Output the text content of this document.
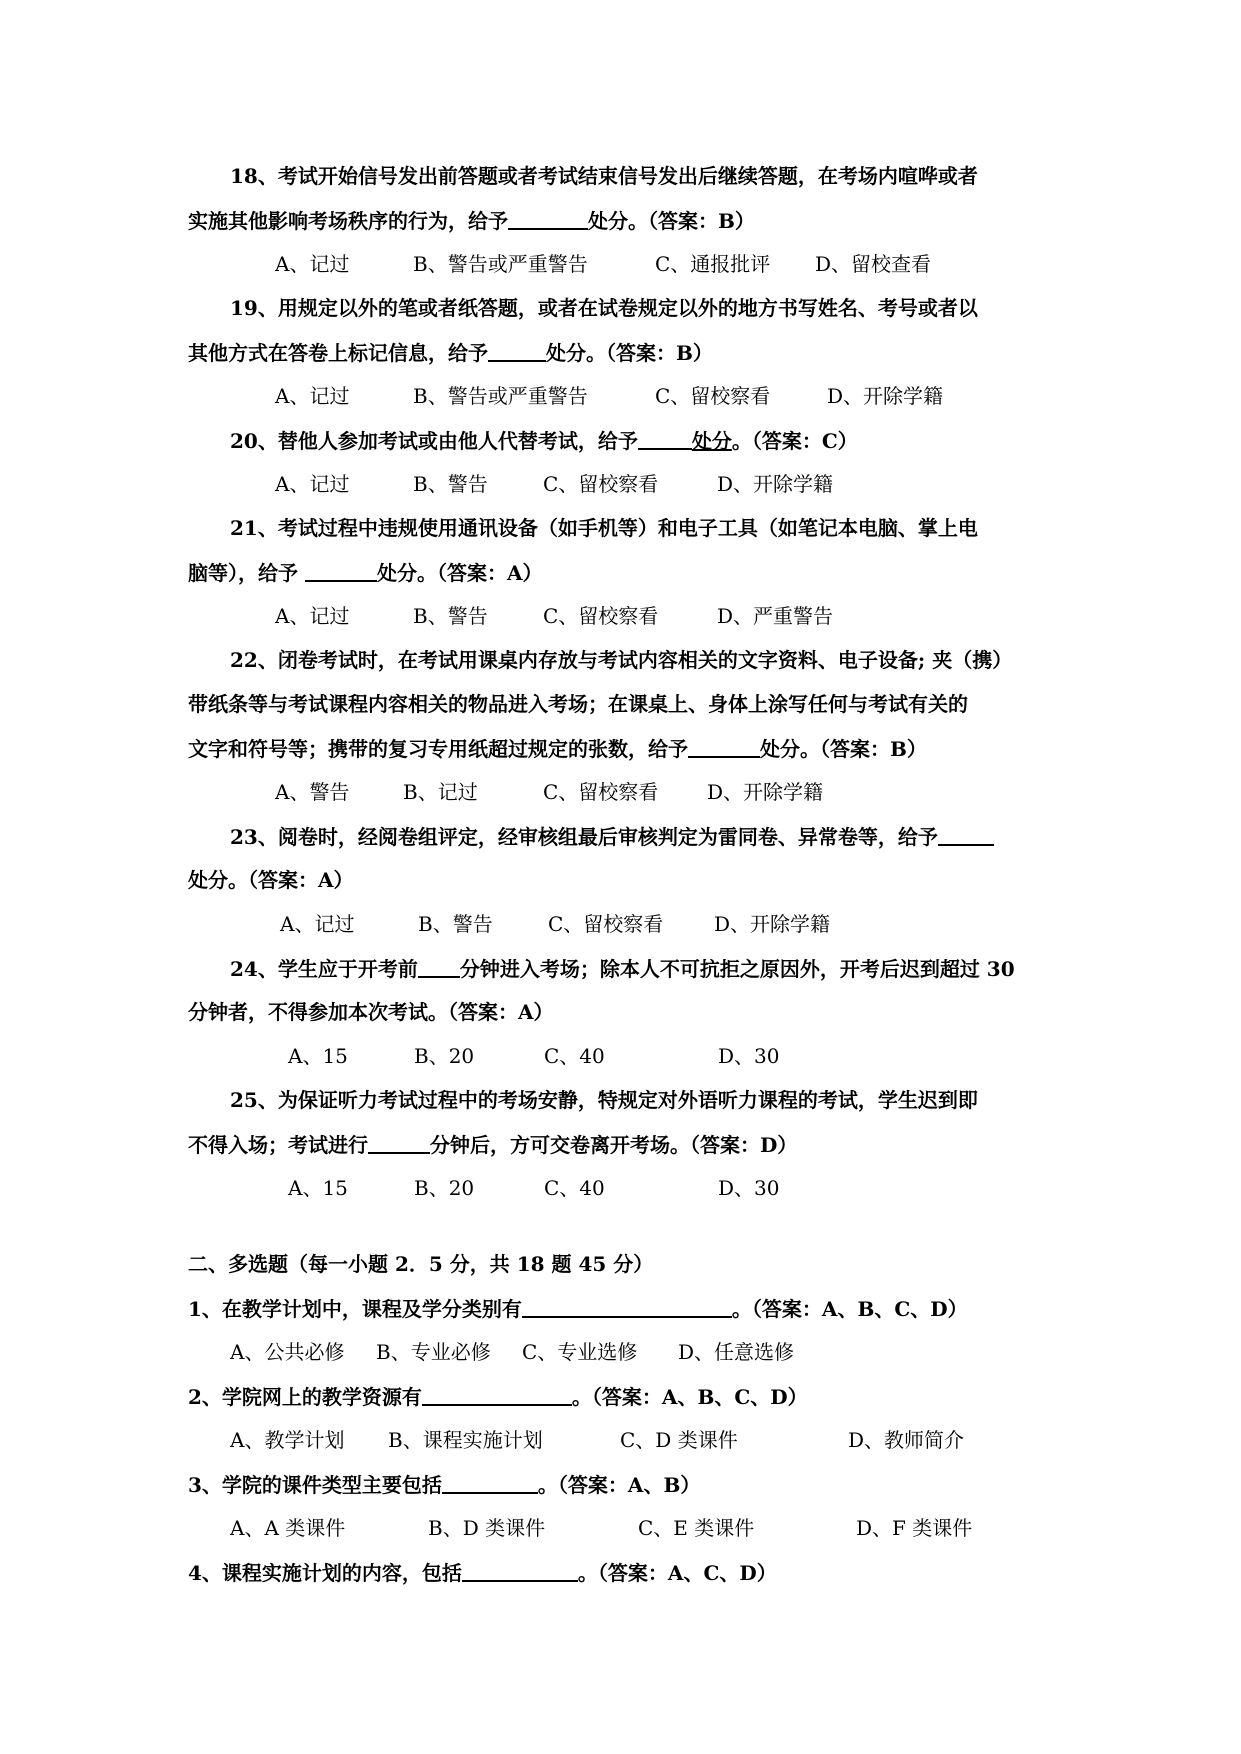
18、考试开始信号发出前答题或者考试结束信号发出后继续答题，在考场内喧哗或者
实施其他影响考场秩序的行为，给予	处分。（答案：B）
A、记过	B、警告或严重警告	C、通报批评 D、留校查看
19、用规定以外的笔或者纸答题，或者在试卷规定以外的地方书写姓名、考号或者以
其他方式在答卷上标记信息，给予	处分。（答案：B）
A、记过	B、警告或严重警告	C、留校察看	D、开除学籍
20、替他人参加考试或由他人代替考试，给予	处分。（答案：C）
A、记过	B、警告	C、留校察看	D、开除学籍
21、考试过程中违规使用通讯设备（如手机等）和电子工具（如笔记本电脑、掌上电
脑等），给予	处分。（答案：A）
A、记过	B、警告	C、留校察看	D、严重警告
22、闭卷考试时，在考试用课桌内存放与考试内容相关的文字资料、电子设备; 夹（携）
带纸条等与考试课程内容相关的物品进入考场；在课桌上、身体上涂写任何与考试有关的
文字和符号等；携带的复习专用纸超过规定的张数，给予	处分。（答案：B）
A、警告	B、记过	C、留校察看 D、开除学籍
23、阅卷时，经阅卷组评定，经审核组最后审核判定为雷同卷、异常卷等，给予
处分。（答案：A）
A、记过	B、警告	C、留校察看	D、开除学籍
24、学生应于开考前 分钟进入考场；除本人不可抗拒之原因外，开考后迟到超过 30
分钟者，不得参加本次考试。（答案：A）
A、15	B、20	C、40	D、30
25、为保证听力考试过程中的考场安静，特规定对外语听力课程的考试，学生迟到即
不得入场；考试进行	分钟后，方可交卷离开考场。（答案：D）
A、15	B、20	C、40	D、30
二、多选题（每一小题 2．5 分，共 18 题 45 分）
1、在教学计划中，课程及学分类别有	。（答案：A、B、C、D）
A、公共必修 B、专业必修 C、专业选修 D、任意选修
2、学院网上的教学资源有	。（答案：A、B、C、D）
A、教学计划 B、课程实施计划	C、D 类课件	D、教师简介
3、学院的课件类型主要包括	。（答案：A、B）
A、A 类课件	B、D 类课件	C、E 类课件	D、F 类课件
4、课程实施计划的内容，包括	。（答案：A、C、D）
